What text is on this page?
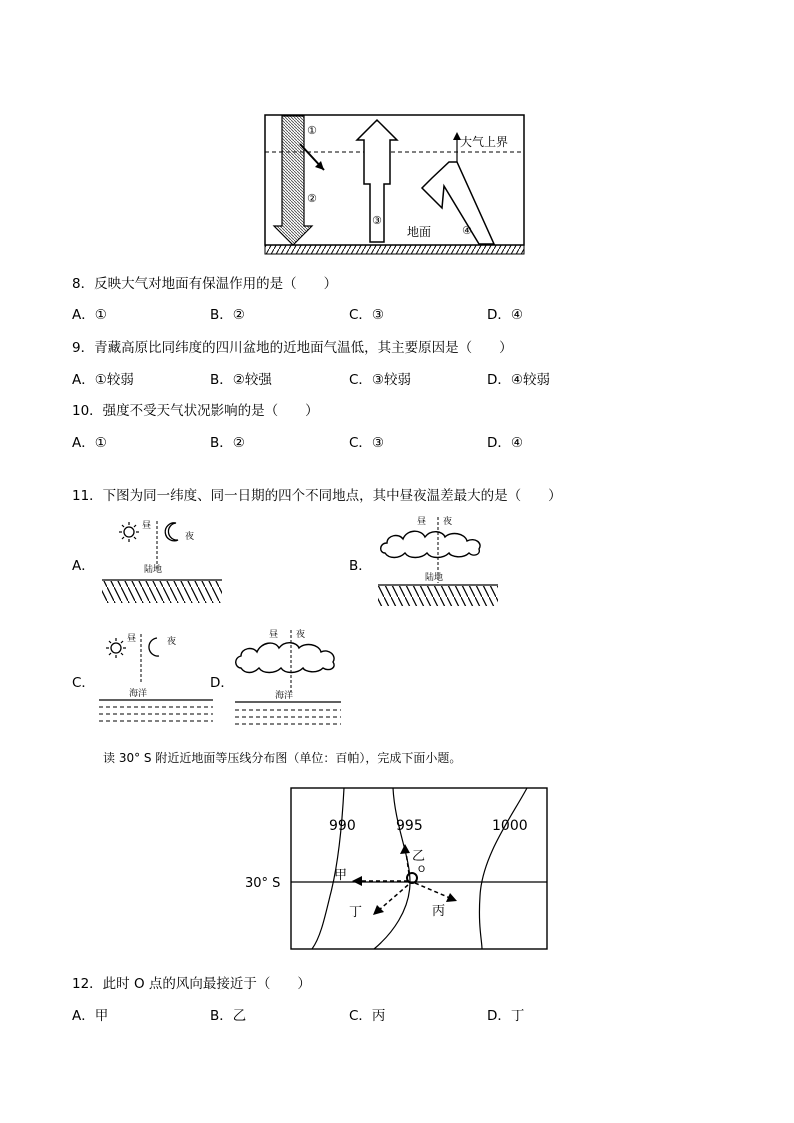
①
②
③
大气上界
地面	④
8．反映大气对地面有保温作用的是（　　）
A．①	B．②	C．③	D．④
9．青藏高原比同纬度的四川盆地的近地面气温低，其主要原因是（　　）
A．①较弱	B．②较强	C．③较弱	D．④较弱
10．强度不受天气状况影响的是（　　）
A．①	B．②	C．③	D．④
11．下图为同一纬度、同一日期的四个不同地点，其中昼夜温差最大的是（　　）
A．	B．
C．	D．
昼
夜
陆地
昼 夜
陆地
昼	夜
海洋
昼 夜
海洋
读 30° S 附近近地面等压线分布图（单位：百帕），完成下面小题。
30° S
990	995	1000
O
甲
乙
丙
丁
12．此时 O 点的风向最接近于（　　）
A．甲	B．乙	C．丙	D．丁
